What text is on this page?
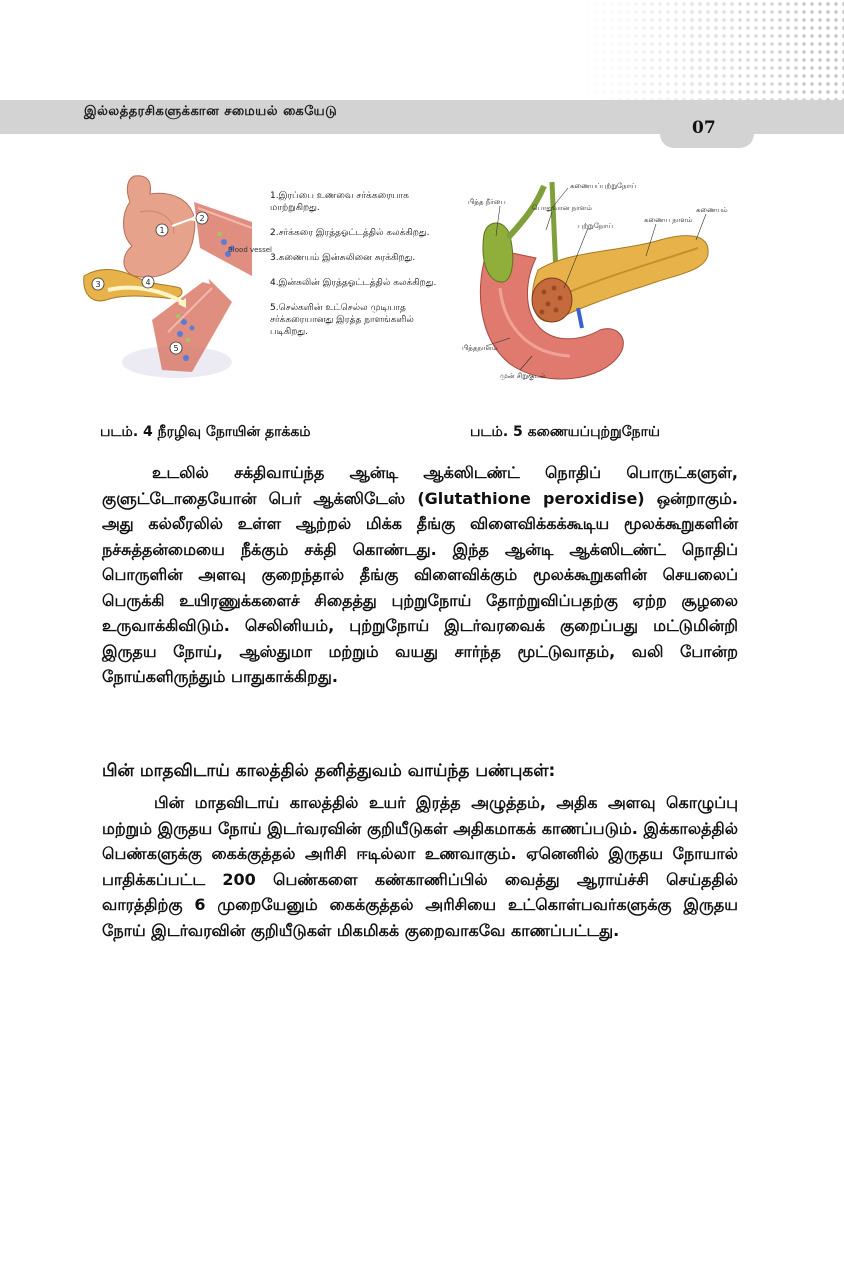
இல்லத்தரசிகளுக்கான சமையல் கையேடு
07
1
2
3	4
5
Blood vessel
1.இரப்பை உணவை சர்க்கரையாக மாற்றுகிறது.
2.சர்க்கரை இரத்தஓட்டத்தில் கலக்கிறது.
3.கணையம் இன்சுலினை சுரக்கிறது.
4.இன்சுலின் இரத்தஓட்டத்தில் கலக்கிறது.
5.செல்களின் உட்செல்ல முடியாத சர்க்கரையானது இரத்த நாளங்களில் படிகிறது.
கணையப்புற்றுநோய்
பித்த நீர்பை
பொதுவான நாளம்
புற்றுநோய்
கணைய நாளம்
கணையம்
பித்தநாளம்
முன் சிறுகுடல்
படம். 4 நீரழிவு நோயின் தாக்கம்	படம். 5 கணையப்புற்றுநோய்

உடலில் சக்திவாய்ந்த ஆன்டி ஆக்ஸிடண்ட் நொதிப் பொருட்களுள், குளுட்டோதையோன் பெர் ஆக்ஸிடேஸ் (Glutathione peroxidise) ஒன்றாகும். அது கல்லீரலில் உள்ள ஆற்றல் மிக்க தீங்கு விளைவிக்கக்கூடிய மூலக்கூறுகளின் நச்சுத்தன்மையை நீக்கும் சக்தி கொண்டது. இந்த ஆன்டி ஆக்ஸிடண்ட் நொதிப் பொருளின் அளவு குறைந்தால் தீங்கு விளைவிக்கும் மூலக்கூறுகளின் செயலைப் பெருக்கி உயிரணுக்களைச் சிதைத்து புற்றுநோய் தோற்றுவிப்பதற்கு ஏற்ற சூழலை உருவாக்கிவிடும். செலினியம், புற்றுநோய் இடர்வரவைக் குறைப்பது மட்டுமின்றி இருதய நோய், ஆஸ்துமா மற்றும் வயது சார்ந்த மூட்டுவாதம், வலி போன்ற நோய்களிருந்தும் பாதுகாக்கிறது.

பின் மாதவிடாய் காலத்தில் தனித்துவம் வாய்ந்த பண்புகள்:

பின் மாதவிடாய் காலத்தில் உயர் இரத்த அழுத்தம், அதிக அளவு கொழுப்பு மற்றும் இருதய நோய் இடர்வரவின் குறியீடுகள் அதிகமாகக் காணப்படும். இக்காலத்தில் பெண்களுக்கு கைக்குத்தல் அரிசி ஈடில்லா உணவாகும். ஏனெனில் இருதய நோயால் பாதிக்கப்பட்ட 200 பெண்களை கண்காணிப்பில் வைத்து ஆராய்ச்சி செய்ததில் வாரத்திற்கு 6 முறையேனும் கைக்குத்தல் அரிசியை உட்கொள்பவர்களுக்கு இருதய நோய் இடர்வரவின் குறியீடுகள் மிகமிகக் குறைவாகவே காணப்பட்டது.
